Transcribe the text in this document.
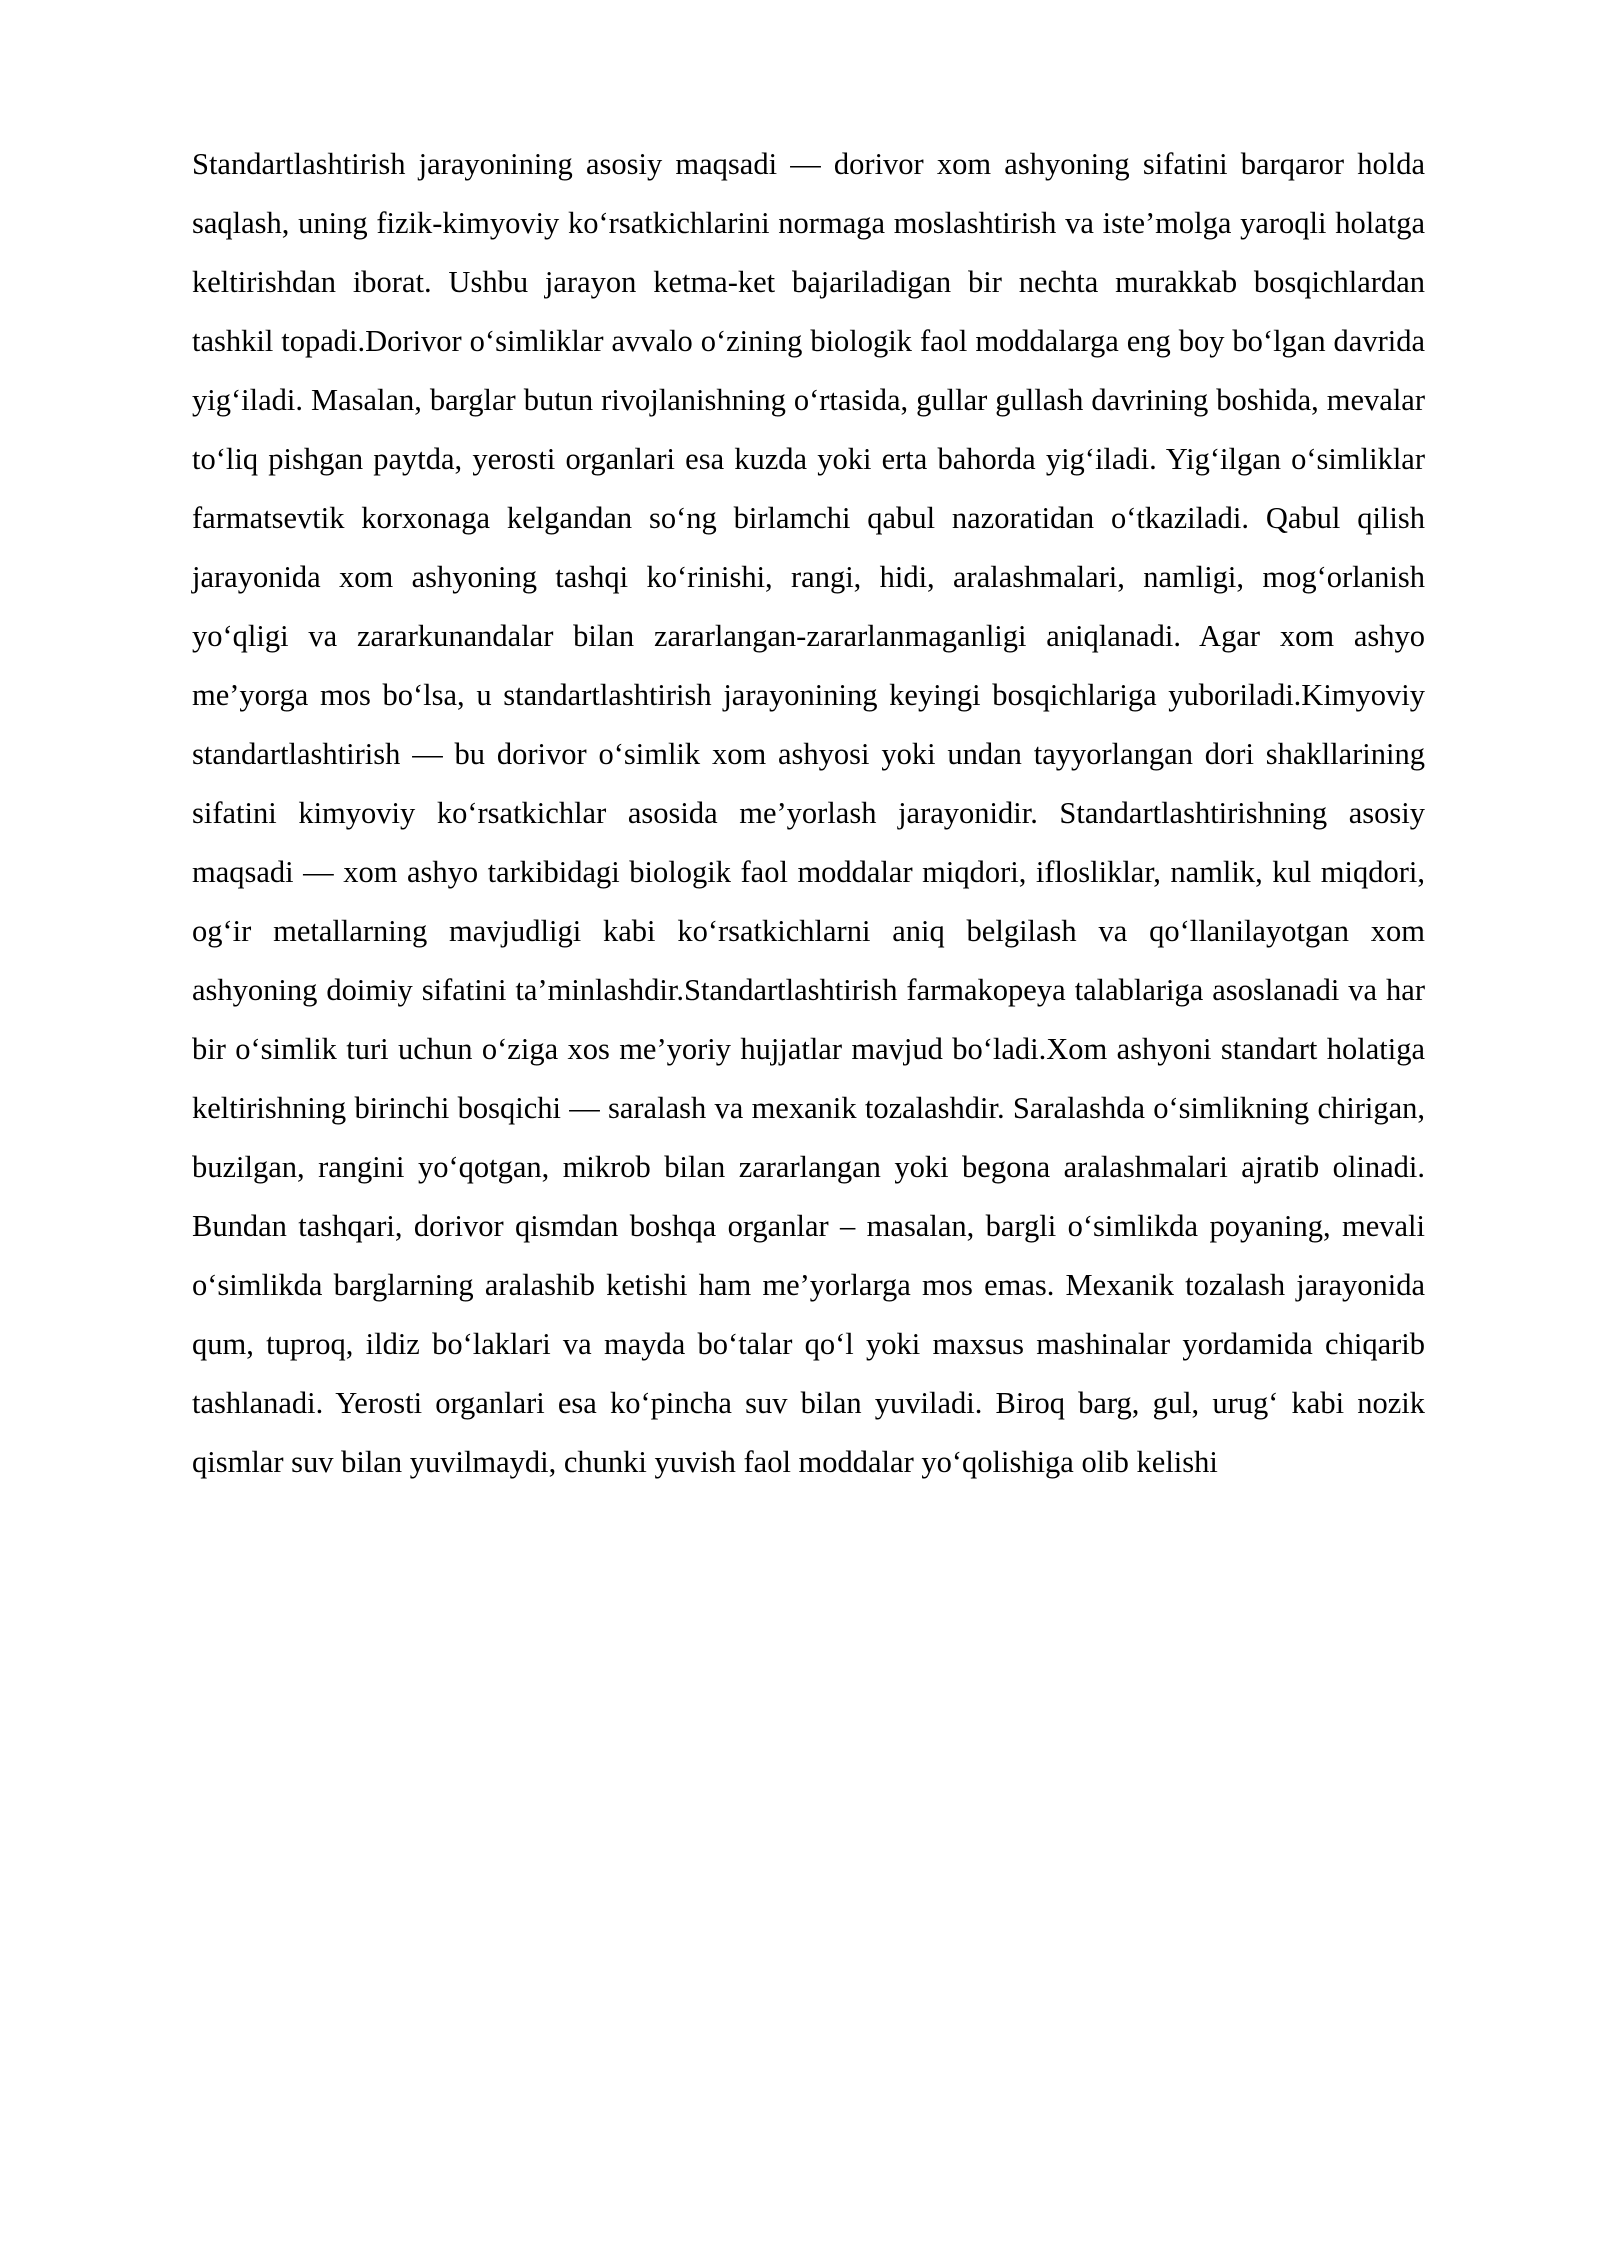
Standartlashtirish jarayonining asosiy maqsadi — dorivor xom ashyoning sifatini barqaror holda saqlash, uning fizik-kimyoviy ko‘rsatkichlarini normaga moslashtirish va iste’molga yaroqli holatga keltirishdan iborat. Ushbu jarayon ketma-ket bajariladigan bir nechta murakkab bosqichlardan tashkil topadi.Dorivor o‘simliklar avvalo o‘zining biologik faol moddalarga eng boy bo‘lgan davrida yig‘iladi. Masalan, barglar butun rivojlanishning o‘rtasida, gullar gullash davrining boshida, mevalar to‘liq pishgan paytda, yerosti organlari esa kuzda yoki erta bahorda yig‘iladi. Yig‘ilgan o‘simliklar farmatsevtik korxonaga kelgandan so‘ng birlamchi qabul nazoratidan o‘tkaziladi. Qabul qilish jarayonida xom ashyoning tashqi ko‘rinishi, rangi, hidi, aralashmalari, namligi, mog‘orlanish yo‘qligi va zararkunandalar bilan zararlangan-zararlanmaganligi aniqlanadi. Agar xom ashyo me’yorga mos bo‘lsa, u standartlashtirish jarayonining keyingi bosqichlariga yuboriladi.Kimyoviy standartlashtirish — bu dorivor o‘simlik xom ashyosi yoki undan tayyorlangan dori shakllarining sifatini kimyoviy ko‘rsatkichlar asosida me’yorlash jarayonidir. Standartlashtirishning asosiy maqsadi — xom ashyo tarkibidagi biologik faol moddalar miqdori, iflosliklar, namlik, kul miqdori, og‘ir metallarning mavjudligi kabi ko‘rsatkichlarni aniq belgilash va qo‘llanilayotgan xom ashyoning doimiy sifatini ta’minlashdir.Standartlashtirish farmakopeya talablariga asoslanadi va har bir o‘simlik turi uchun o‘ziga xos me’yoriy hujjatlar mavjud bo‘ladi.Xom ashyoni standart holatiga keltirishning birinchi bosqichi — saralash va mexanik tozalashdir. Saralashda o‘simlikning chirigan, buzilgan, rangini yo‘qotgan, mikrob bilan zararlangan yoki begona aralashmalari ajratib olinadi. Bundan tashqari, dorivor qismdan boshqa organlar – masalan, bargli o‘simlikda poyaning, mevali o‘simlikda barglarning aralashib ketishi ham me’yorlarga mos emas. Mexanik tozalash jarayonida qum, tuproq, ildiz bo‘laklari va mayda bo‘talar qo‘l yoki maxsus mashinalar yordamida chiqarib tashlanadi. Yerosti organlari esa ko‘pincha suv bilan yuviladi. Biroq barg, gul, urug‘ kabi nozik qismlar suv bilan yuvilmaydi, chunki yuvish faol moddalar yo‘qolishiga olib kelishi
